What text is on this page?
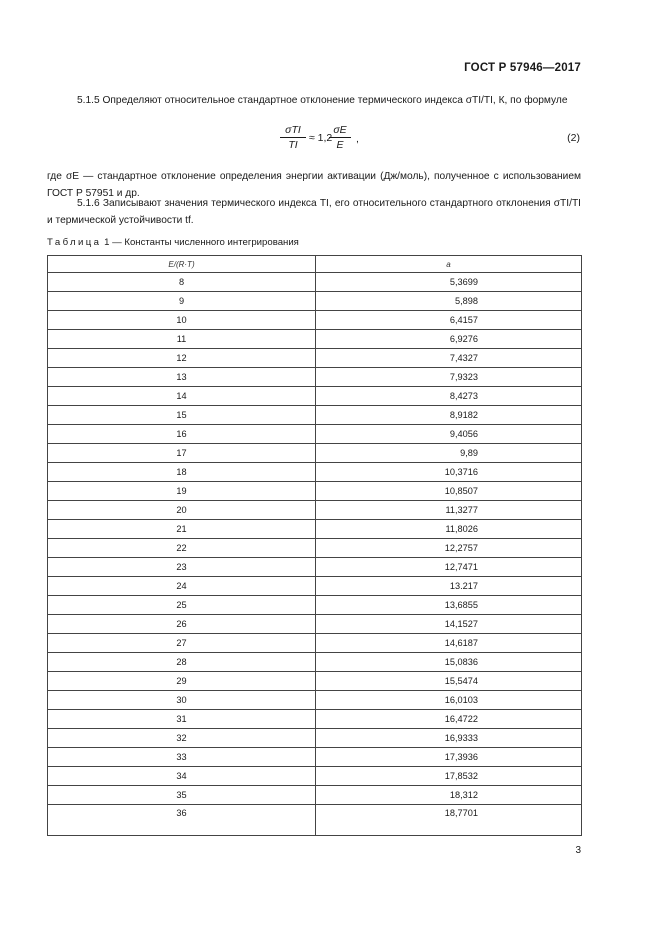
ГОСТ Р 57946—2017
5.1.5 Определяют относительное стандартное отклонение термического индекса σTI/TI, К, по формуле
σTI
TI
≈ 1,2
$\frac{\sigma E}{E}$ ,	(2)
где σE — стандартное отклонение определения энергии активации (Дж/моль), полученное с использованием ГОСТ Р 57951 и др.
5.1.6 Записывают значения термического индекса TI, его относительного стандартного отклонения σTI/TI и термической устойчивости tf.
Таблица 1 — Константы численного интегрирования
E/(R·T)	a
8	5,3699
9	5,898
10	6,4157
11	6,9276
12	7,4327
13	7,9323
14	8,4273
15	8,9182
16	9,4056
17	9,89
18	10,3716
19	10,8507
20	11,3277
21	11,8026
22	12,2757
23	12,7471
24	13.217
25	13,6855
26	14,1527
27	14,6187
28	15,0836
29	15,5474
30	16,0103
31	16,4722
32	16,9333
33	17,3936
34	17,8532
35	18,312
36	18,7701
3
